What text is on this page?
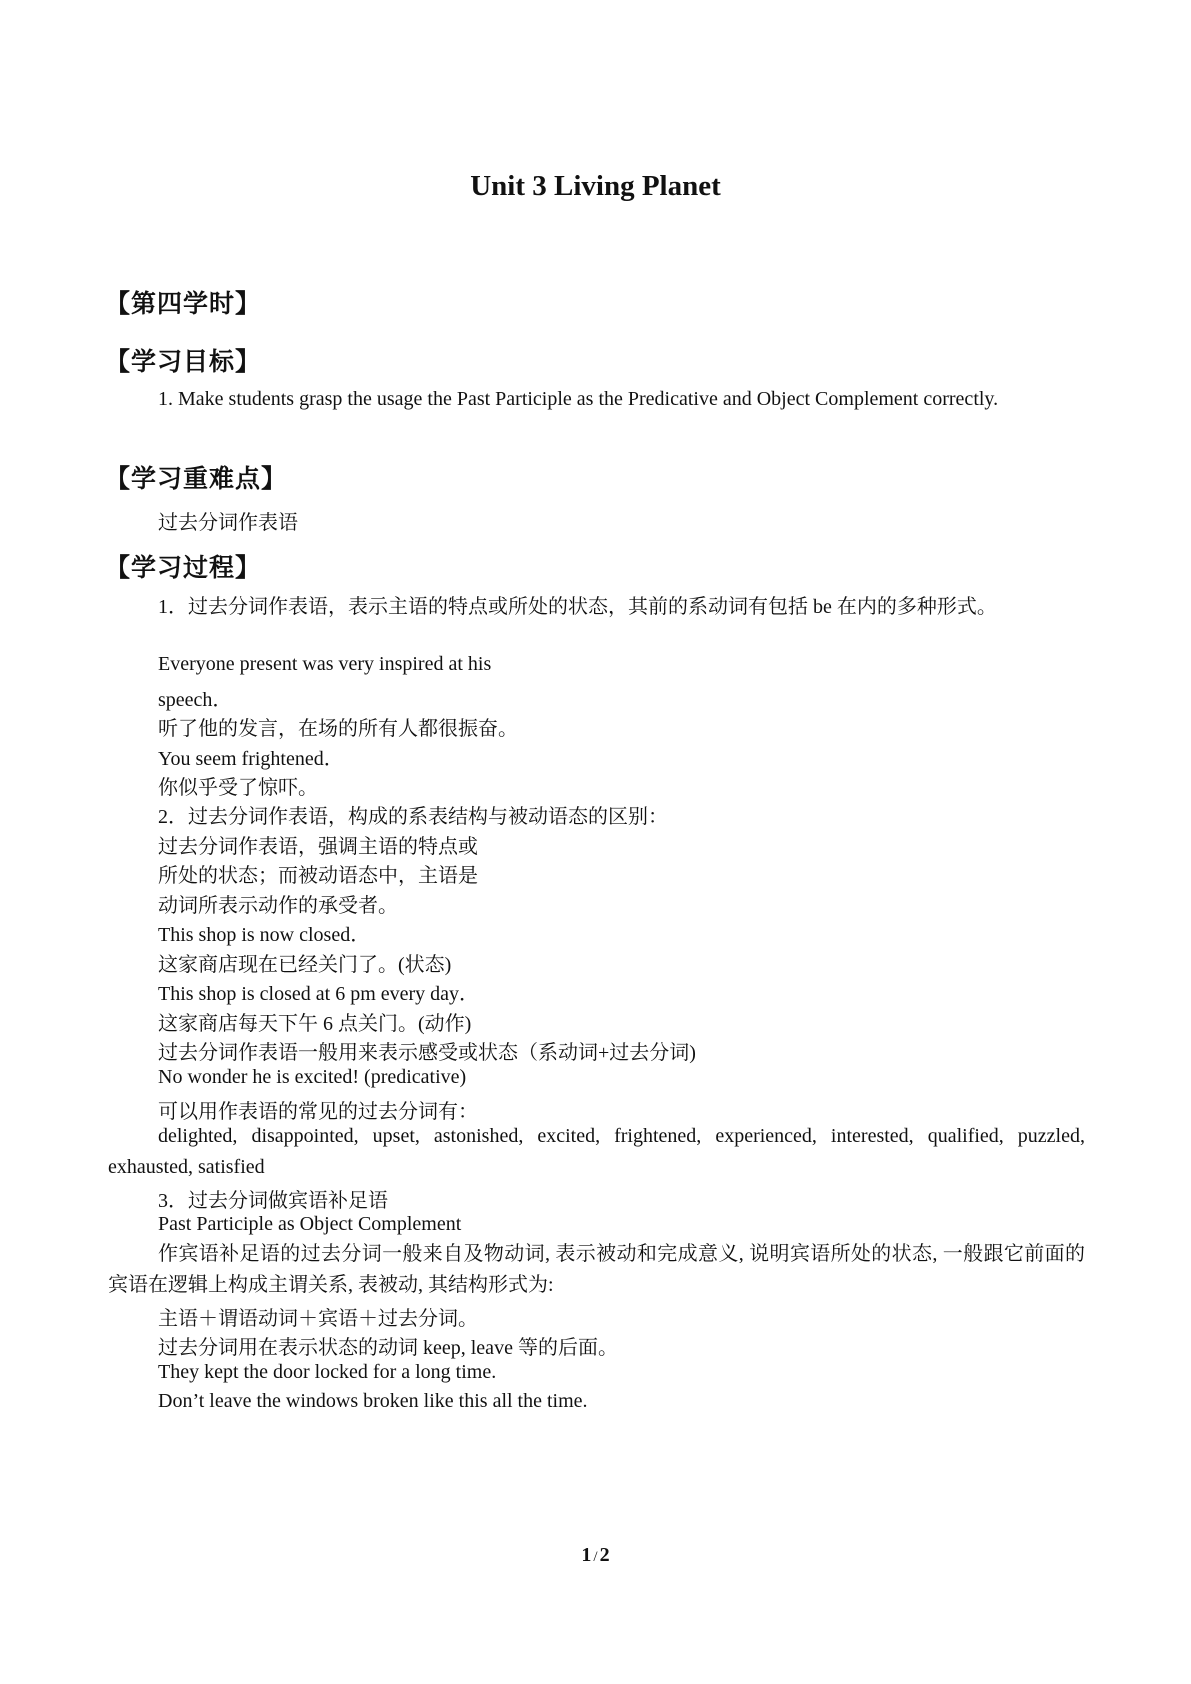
Unit 3 Living Planet
【第四学时】
【学习目标】
1. Make students grasp the usage the Past Participle as the Predicative and Object Complement correctly.
【学习重难点】
过去分词作表语
【学习过程】
1．过去分词作表语，表示主语的特点或所处的状态，其前的系动词有包括 be 在内的多种形式。
Everyone present was very inspired at his
speech．
听了他的发言，在场的所有人都很振奋。
You seem frightened．
你似乎受了惊吓。
2．过去分词作表语，构成的系表结构与被动语态的区别：
过去分词作表语，强调主语的特点或
所处的状态；而被动语态中，主语是
动词所表示动作的承受者。
This shop is now closed．
这家商店现在已经关门了。(状态)
This shop is closed at 6 pm every day．
这家商店每天下午 6 点关门。(动作)
过去分词作表语一般用来表示感受或状态（系动词+过去分词)
No wonder he is excited! (predicative)
可以用作表语的常见的过去分词有：
delighted, disappointed, upset, astonished, excited, frightened, experienced, interested, qualified, puzzled, exhausted, satisfied
3．过去分词做宾语补足语
Past Participle as Object Complement
作宾语补足语的过去分词一般来自及物动词, 表示被动和完成意义, 说明宾语所处的状态, 一般跟它前面的宾语在逻辑上构成主谓关系, 表被动, 其结构形式为:
主语＋谓语动词＋宾语＋过去分词。
过去分词用在表示状态的动词 keep, leave 等的后面。
They kept the door locked for a long time.
Don’t leave the windows broken like this all the time.
1 / 2
